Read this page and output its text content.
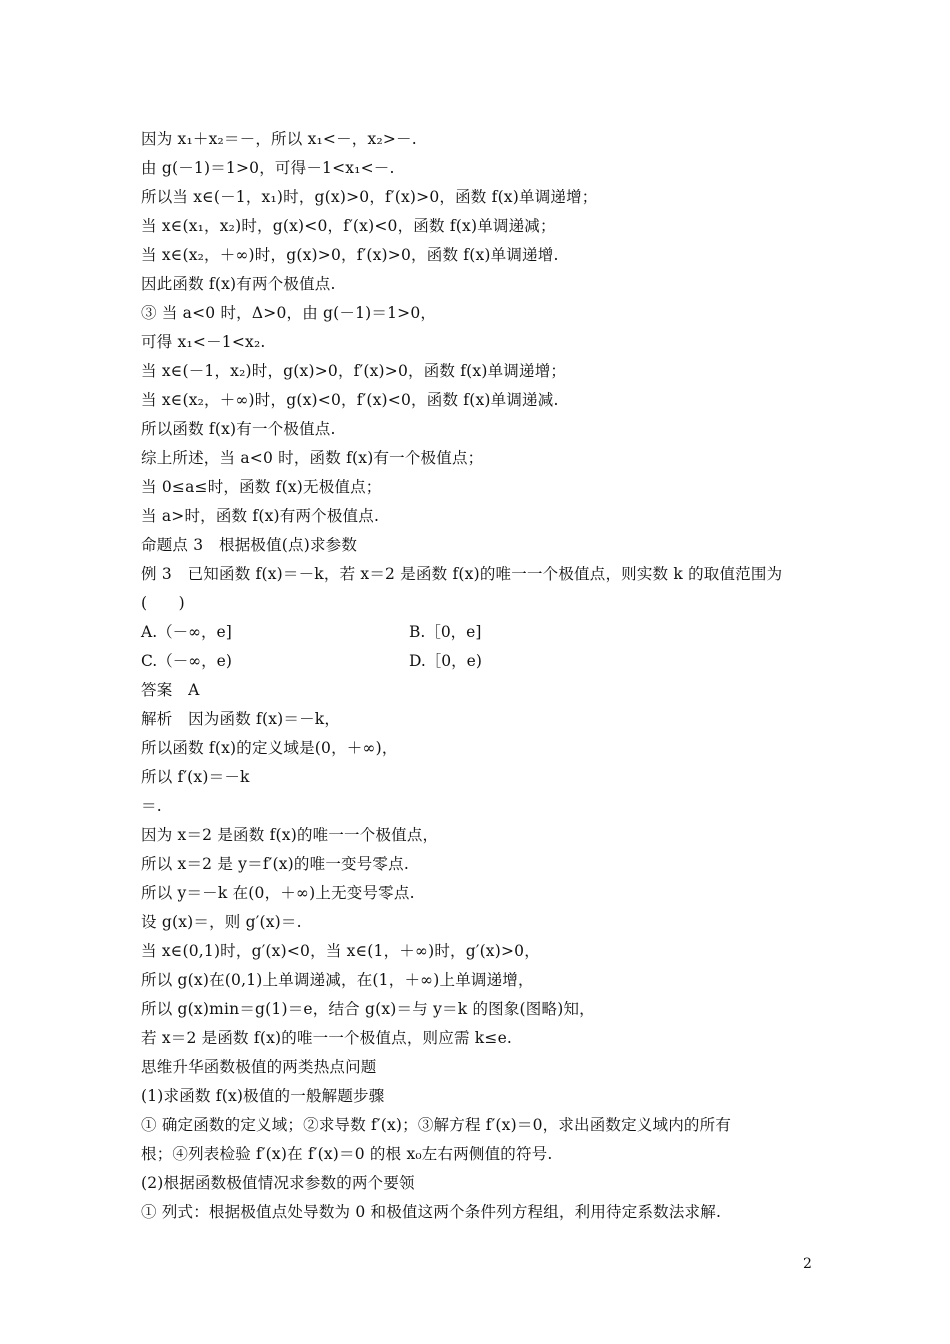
因为 x₁＋x₂＝－，所以 x₁<－，x₂>－.
由 g(－1)＝1>0，可得－1<x₁<－.
所以当 x∈(－1，x₁)时，g(x)>0，f′(x)>0，函数 f(x)单调递增；
当 x∈(x₁，x₂)时，g(x)<0，f′(x)<0，函数 f(x)单调递减；
当 x∈(x₂，＋∞)时，g(x)>0，f′(x)>0，函数 f(x)单调递增.
因此函数 f(x)有两个极值点.
③ 当 a<0 时，Δ>0，由 g(－1)＝1>0，
可得 x₁<－1<x₂.
当 x∈(－1，x₂)时，g(x)>0，f′(x)>0，函数 f(x)单调递增；
当 x∈(x₂，＋∞)时，g(x)<0，f′(x)<0，函数 f(x)单调递减.
所以函数 f(x)有一个极值点.
综上所述，当 a<0 时，函数 f(x)有一个极值点；
当 0≤a≤时，函数 f(x)无极值点；
当 a>时，函数 f(x)有两个极值点.
命题点 3　根据极值(点)求参数
例 3　已知函数 f(x)＝－k，若 x＝2 是函数 f(x)的唯一一个极值点，则实数 k 的取值范围为
(　　)
A.（－∞，e]	B.［0，e]
C.（－∞，e)	D.［0，e)
答案　A
解析　因为函数 f(x)＝－k，
所以函数 f(x)的定义域是(0，＋∞)，
所以 f′(x)＝－k
＝.
因为 x＝2 是函数 f(x)的唯一一个极值点，
所以 x＝2 是 y＝f′(x)的唯一变号零点.
所以 y＝－k 在(0，＋∞)上无变号零点.
设 g(x)＝，则 g′(x)＝.
当 x∈(0,1)时，g′(x)<0，当 x∈(1，＋∞)时，g′(x)>0，
所以 g(x)在(0,1)上单调递减，在(1，＋∞)上单调递增，
所以 g(x)min＝g(1)＝e，结合 g(x)＝与 y＝k 的图象(图略)知，
若 x＝2 是函数 f(x)的唯一一个极值点，则应需 k≤e.
思维升华函数极值的两类热点问题
(1)求函数 f(x)极值的一般解题步骤
① 确定函数的定义域；②求导数 f′(x)；③解方程 f′(x)＝0，求出函数定义域内的所有
根；④列表检验 f′(x)在 f′(x)＝0 的根 x₀左右两侧值的符号.
(2)根据函数极值情况求参数的两个要领
① 列式：根据极值点处导数为 0 和极值这两个条件列方程组，利用待定系数法求解.
2
